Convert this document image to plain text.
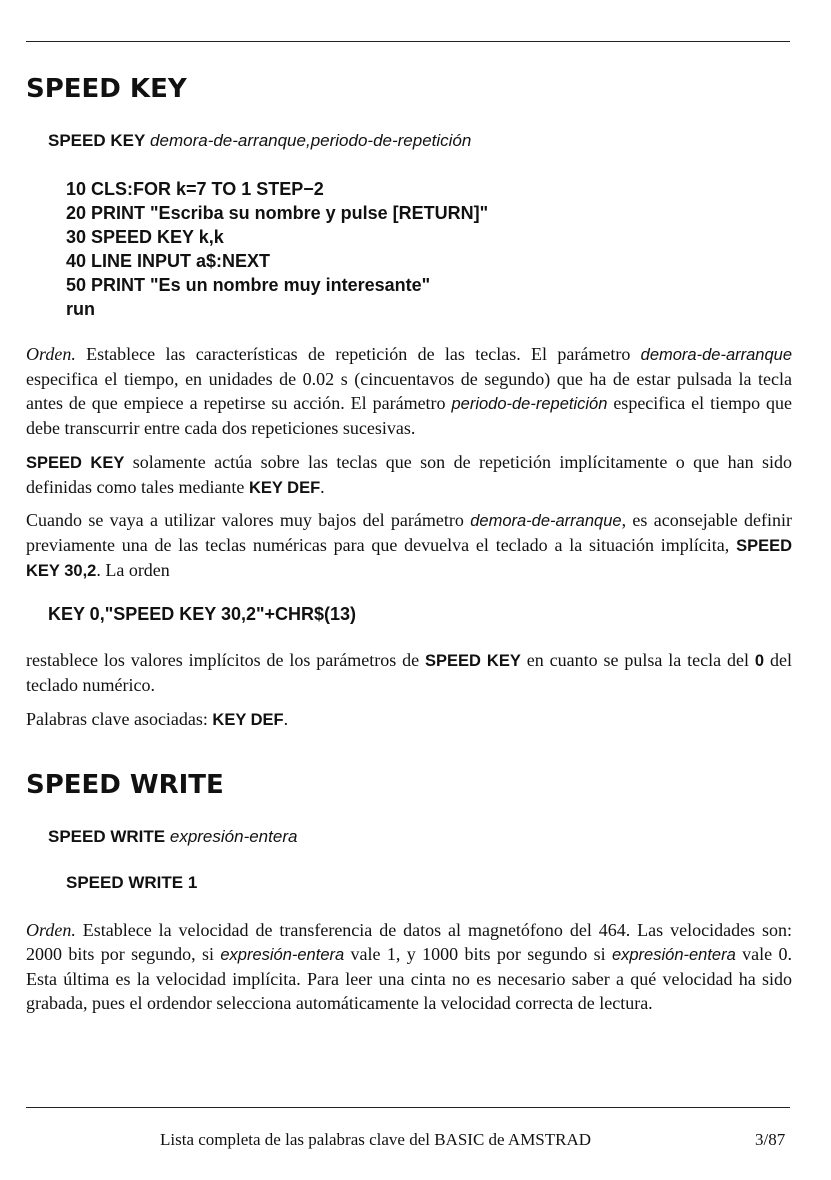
SPEED KEY
SPEED KEY demora-de-arranque,periodo-de-repetición
10 CLS:FOR k=7 TO 1 STEP−2
20 PRINT "Escriba su nombre y pulse [RETURN]"
30 SPEED KEY k,k
40 LINE INPUT a$:NEXT
50 PRINT "Es un nombre muy interesante"
run

Orden. Establece las características de repetición de las teclas. El parámetro demora-de-arranque especifica el tiempo, en unidades de 0.02 s (cincuentavos de segundo) que ha de estar pulsada la tecla antes de que empiece a repetirse su acción. El parámetro periodo-de-repetición especifica el tiempo que debe transcurrir entre cada dos repeticiones sucesivas.

SPEED KEY solamente actúa sobre las teclas que son de repetición implícitamente o que han sido definidas como tales mediante KEY DEF.

Cuando se vaya a utilizar valores muy bajos del parámetro demora-de-arranque, es aconsejable definir previamente una de las teclas numéricas para que devuelva el teclado a la situación implícita, SPEED KEY 30,2. La orden

KEY 0,"SPEED KEY 30,2"+CHR$(13)

restablece los valores implícitos de los parámetros de SPEED KEY en cuanto se pulsa la tecla del 0 del teclado numérico.

Palabras clave asociadas: KEY DEF.

SPEED WRITE
SPEED WRITE expresión-entera
SPEED WRITE 1

Orden. Establece la velocidad de transferencia de datos al magnetófono del 464. Las velocidades son: 2000 bits por segundo, si expresión-entera vale 1, y 1000 bits por segundo si expresión-entera vale 0. Esta última es la velocidad implícita. Para leer una cinta no es necesario saber a qué velocidad ha sido grabada, pues el ordendor selecciona automáticamente la velocidad correcta de lectura.

Lista completa de las palabras clave del BASIC de AMSTRAD	3/87
